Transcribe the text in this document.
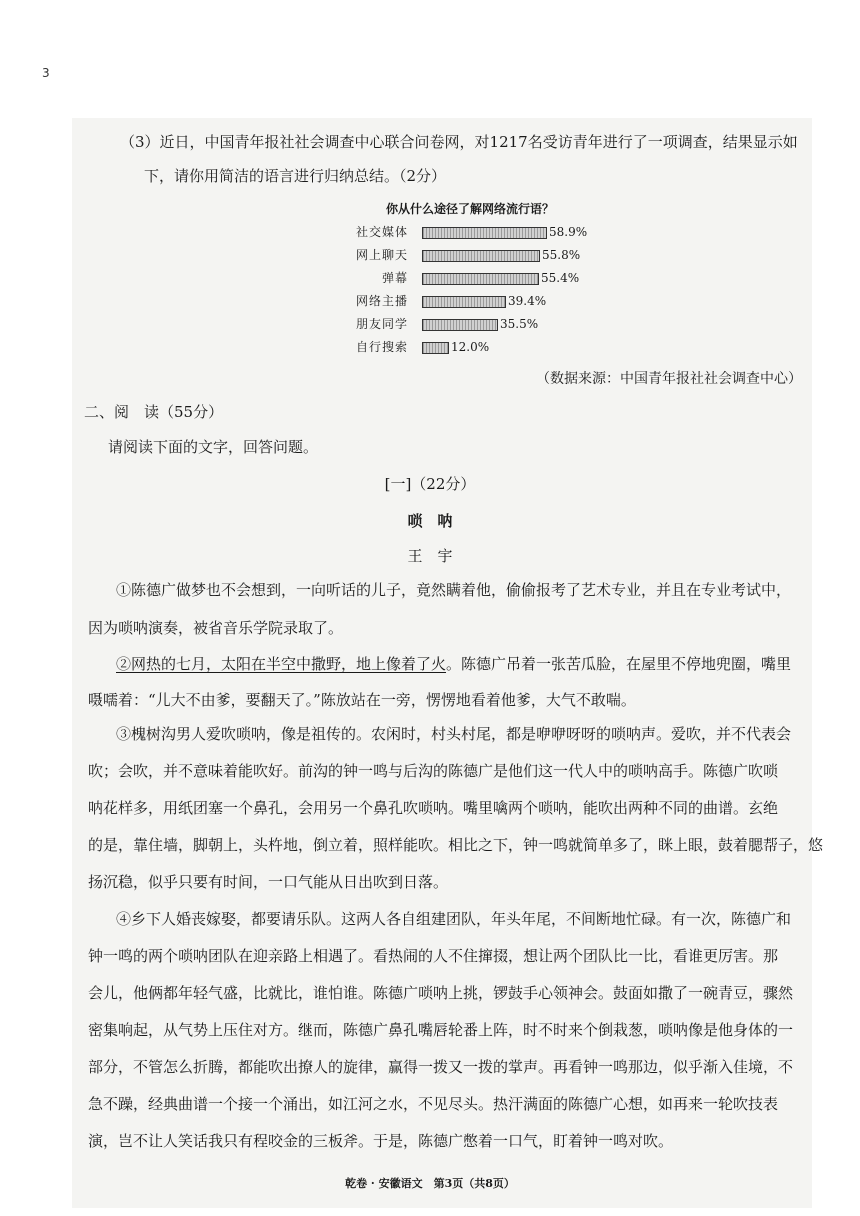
3
（3）近日，中国青年报社社会调查中心联合问卷网，对1217名受访青年进行了一项调查，结果显示如
下，请你用简洁的语言进行归纳总结。（2分）
你从什么途径了解网络流行语？
社交媒体	58.9%
网上聊天	55.8%
弹幕	55.4%
网络主播	39.4%
朋友同学	35.5%
自行搜索	12.0%
（数据来源：中国青年报社社会调查中心）
二、阅　读（55分）
请阅读下面的文字，回答问题。
[一]（22分）
唢　呐
王　宇
①陈德广做梦也不会想到，一向听话的儿子，竟然瞒着他，偷偷报考了艺术专业，并且在专业考试中，
因为唢呐演奏，被省音乐学院录取了。
②网热的七月，太阳在半空中撒野，地上像着了火。陈德广吊着一张苦瓜脸，在屋里不停地兜圈，嘴里
嗫嚅着：“儿大不由爹，要翻天了。”陈放站在一旁，愣愣地看着他爹，大气不敢喘。
③槐树沟男人爱吹唢呐，像是祖传的。农闲时，村头村尾，都是咿咿呀呀的唢呐声。爱吹，并不代表会
吹；会吹，并不意味着能吹好。前沟的钟一鸣与后沟的陈德广是他们这一代人中的唢呐高手。陈德广吹唢
呐花样多，用纸团塞一个鼻孔，会用另一个鼻孔吹唢呐。嘴里噙两个唢呐，能吹出两种不同的曲谱。玄绝
的是，靠住墙，脚朝上，头杵地，倒立着，照样能吹。相比之下，钟一鸣就简单多了，眯上眼，鼓着腮帮子，悠
扬沉稳，似乎只要有时间，一口气能从日出吹到日落。
④乡下人婚丧嫁娶，都要请乐队。这两人各自组建团队，年头年尾，不间断地忙碌。有一次，陈德广和
钟一鸣的两个唢呐团队在迎亲路上相遇了。看热闹的人不住撺掇，想让两个团队比一比，看谁更厉害。那
会儿，他俩都年轻气盛，比就比，谁怕谁。陈德广唢呐上挑，锣鼓手心领神会。鼓面如撒了一碗青豆，骤然
密集响起，从气势上压住对方。继而，陈德广鼻孔嘴唇轮番上阵，时不时来个倒栽葱，唢呐像是他身体的一
部分，不管怎么折腾，都能吹出撩人的旋律，赢得一拨又一拨的掌声。再看钟一鸣那边，似乎渐入佳境，不
急不躁，经典曲谱一个接一个涌出，如江河之水，不见尽头。热汗满面的陈德广心想，如再来一轮吹技表
演，岂不让人笑话我只有程咬金的三板斧。于是，陈德广憋着一口气，盯着钟一鸣对吹。
乾卷 · 安徽语文　第3页（共8页）
